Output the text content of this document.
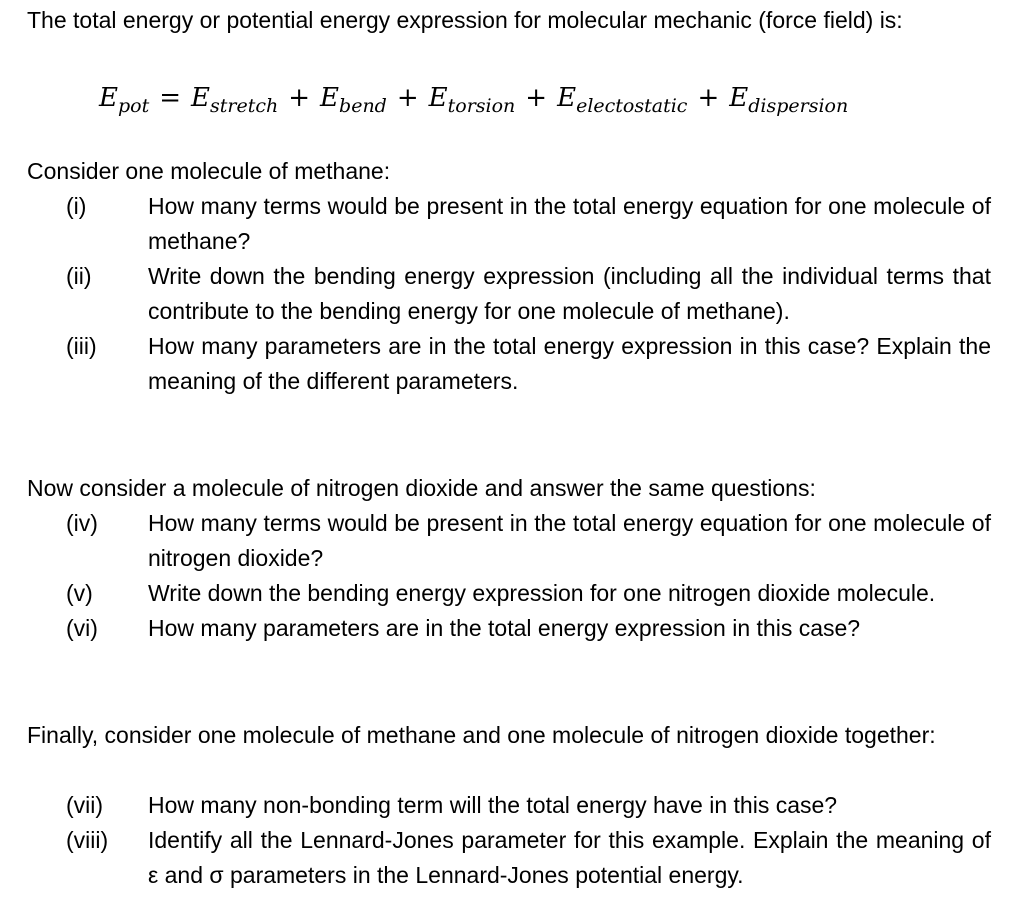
The total energy or potential energy expression for molecular mechanic (force field) is:
$E_{pot} = E_{stretch} + E_{bend} + E_{torsion} + E_{electostatic} + E_{dispersion}$
Consider one molecule of methane:
(i)	How many terms would be present in the total energy equation for one molecule of methane?
(ii) Write down the bending energy expression (including all the individual terms that contribute to the bending energy for one molecule of methane).
(iii) How many parameters are in the total energy expression in this case? Explain the meaning of the different parameters.
Now consider a molecule of nitrogen dioxide and answer the same questions:
(iv) How many terms would be present in the total energy equation for one molecule of nitrogen dioxide?
(v) Write down the bending energy expression for one nitrogen dioxide molecule.
(vi) How many parameters are in the total energy expression in this case?
Finally, consider one molecule of methane and one molecule of nitrogen dioxide together:
(vii) How many non-bonding term will the total energy have in this case?
(viii) Identify all the Lennard-Jones parameter for this example. Explain the meaning of ε and σ parameters in the Lennard-Jones potential energy.
